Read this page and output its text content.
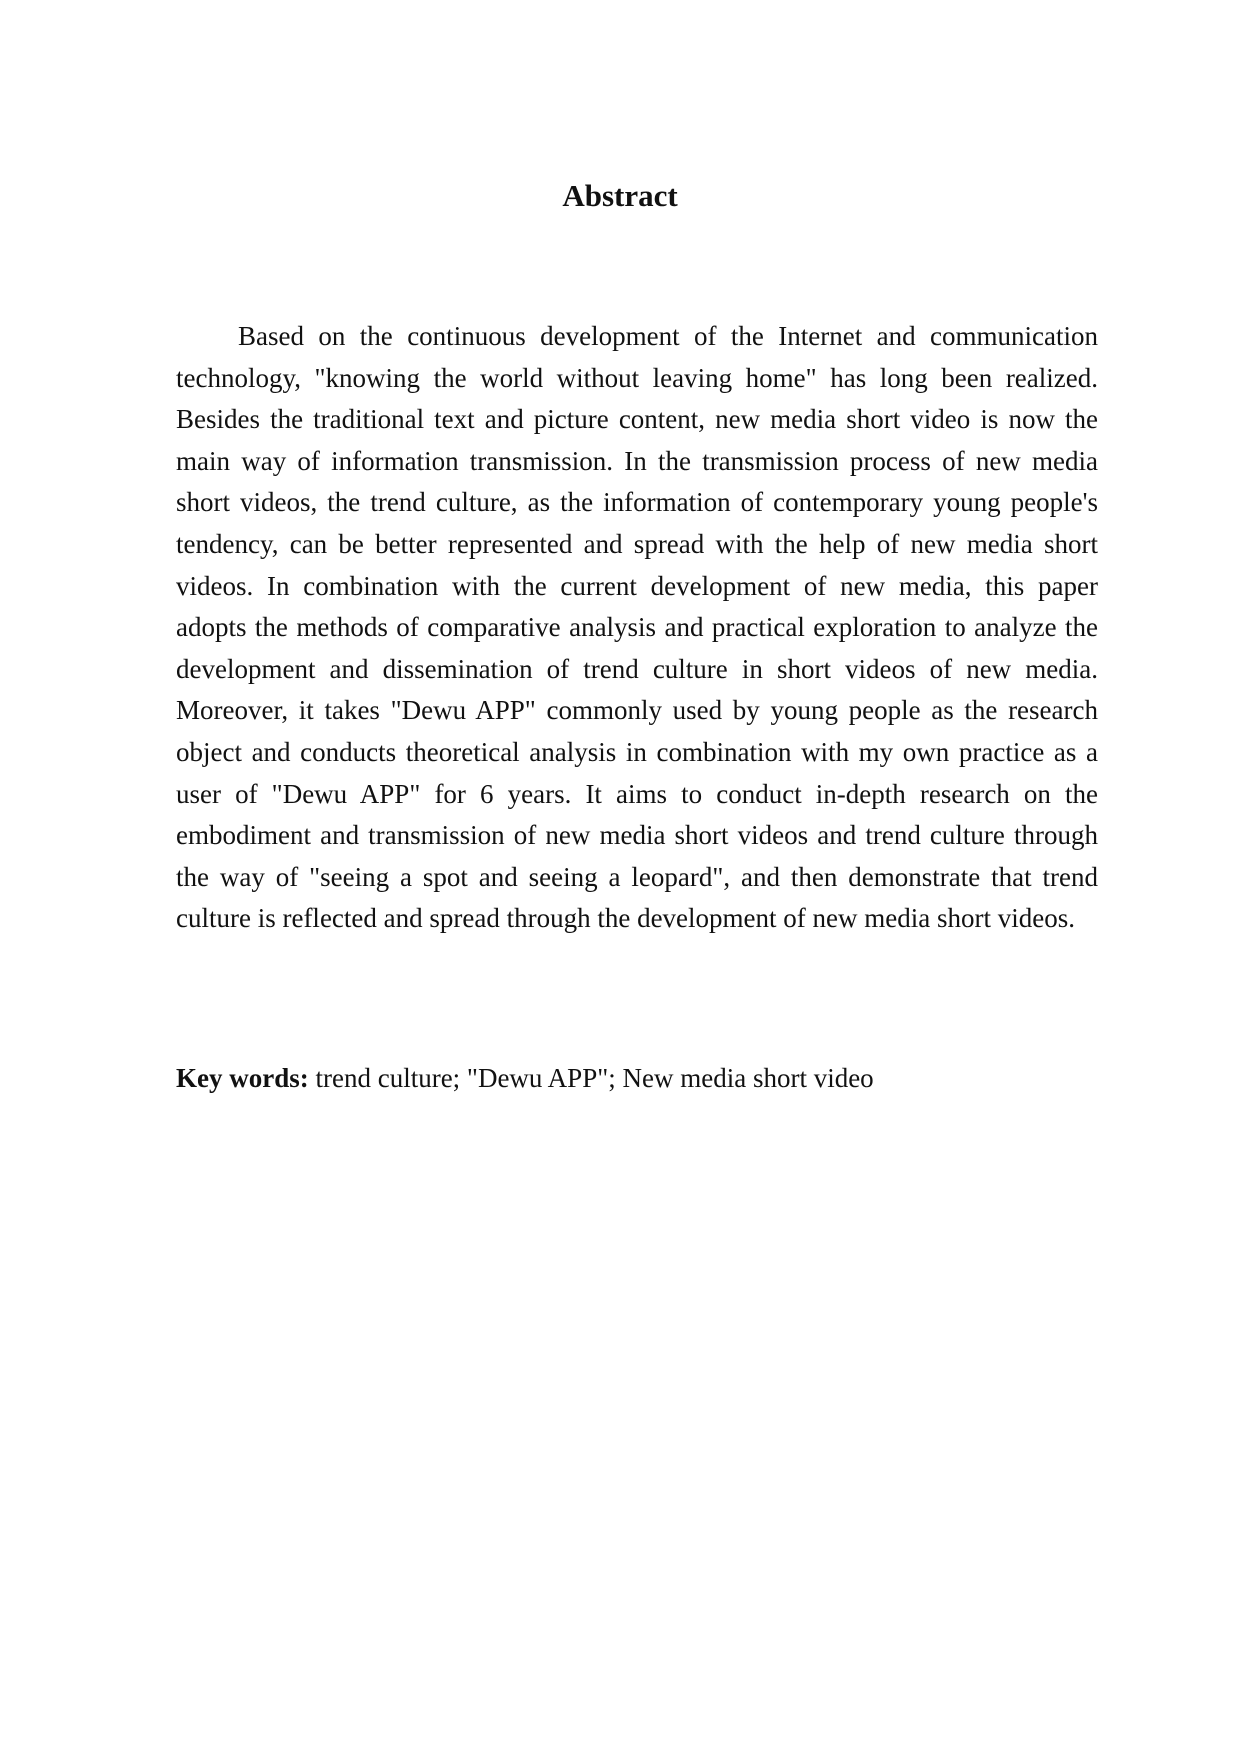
Abstract

Based on the continuous development of the Internet and communication technology, "knowing the world without leaving home" has long been realized. Besides the traditional text and picture content, new media short video is now the main way of information transmission. In the transmission process of new media short videos, the trend culture, as the information of contemporary young people's tendency, can be better represented and spread with the help of new media short videos. In combination with the current development of new media, this paper adopts the methods of comparative analysis and practical exploration to analyze the development and dissemination of trend culture in short videos of new media. Moreover, it takes "Dewu APP" commonly used by young people as the research object and conducts theoretical analysis in combination with my own practice as a user of "Dewu APP" for 6 years. It aims to conduct in-depth research on the embodiment and transmission of new media short videos and trend culture through the way of "seeing a spot and seeing a leopard", and then demonstrate that trend culture is reflected and spread through the development of new media short videos.

Key words: trend culture; "Dewu APP"; New media short video
